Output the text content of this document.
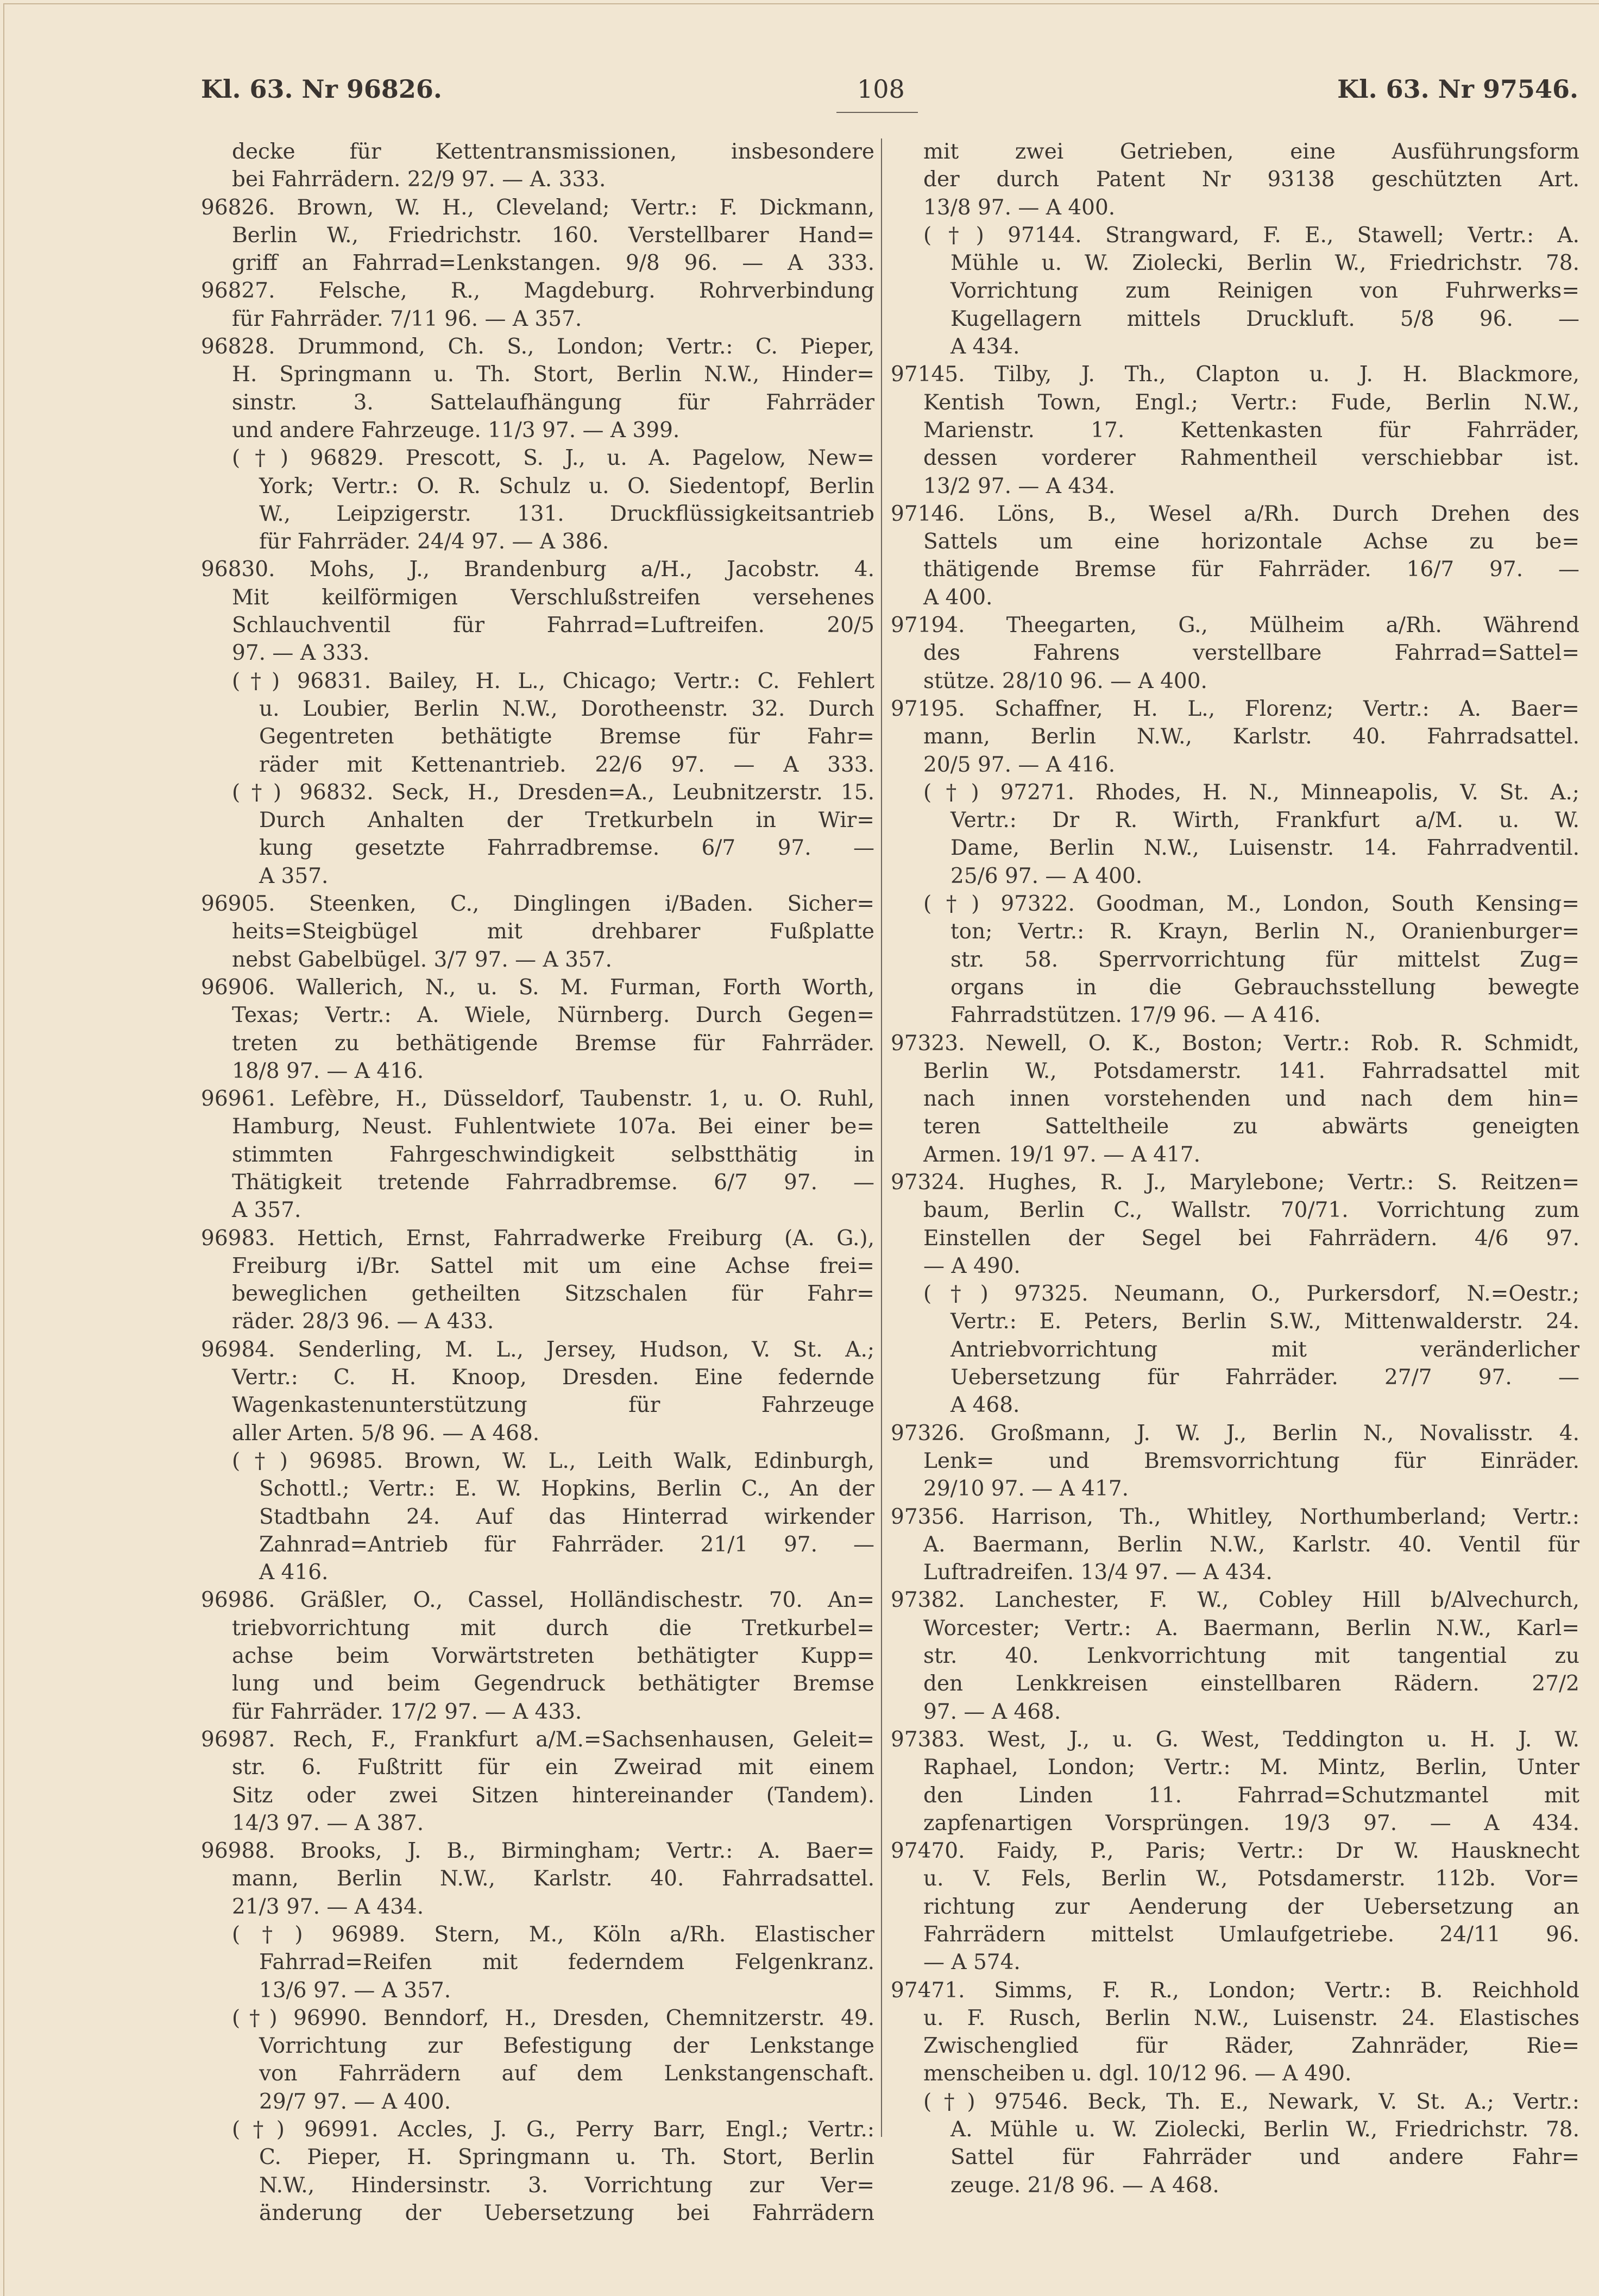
Kl. 63. Nr 96826.	108	Kl. 63. Nr 97546.
decke für Kettentransmissionen, insbesondere
bei Fahrrädern. 22/9 97. — A. 333.
96826. Brown, W. H., Cleveland; Vertr.: F. Dickmann,
Berlin W., Friedrichstr. 160. Verstellbarer Hand=
griff an Fahrrad=Lenkstangen. 9/8 96. — A 333.
96827. Felsche, R., Magdeburg. Rohrverbindung
für Fahrräder. 7/11 96. — A 357.
96828. Drummond, Ch. S., London; Vertr.: C. Pieper,
H. Springmann u. Th. Stort, Berlin N.W., Hinder=
sinstr. 3. Sattelaufhängung für Fahrräder
und andere Fahrzeuge. 11/3 97. — A 399.
(†) 96829. Prescott, S. J., u. A. Pagelow, New=
York; Vertr.: O. R. Schulz u. O. Siedentopf, Berlin
W., Leipzigerstr. 131. Druckflüssigkeitsantrieb
für Fahrräder. 24/4 97. — A 386.
96830. Mohs, J., Brandenburg a/H., Jacobstr. 4.
Mit keilförmigen Verschlußstreifen versehenes
Schlauchventil für Fahrrad=Luftreifen. 20/5
97. — A 333.
(†) 96831. Bailey, H. L., Chicago; Vertr.: C. Fehlert
u. Loubier, Berlin N.W., Dorotheenstr. 32. Durch
Gegentreten bethätigte Bremse für Fahr=
räder mit Kettenantrieb. 22/6 97. — A 333.
(†) 96832. Seck, H., Dresden=A., Leubnitzerstr. 15.
Durch Anhalten der Tretkurbeln in Wir=
kung gesetzte Fahrradbremse. 6/7 97. —
A 357.
96905. Steenken, C., Dinglingen i/Baden. Sicher=
heits=Steigbügel mit drehbarer Fußplatte
nebst Gabelbügel. 3/7 97. — A 357.
96906. Wallerich, N., u. S. M. Furman, Forth Worth,
Texas; Vertr.: A. Wiele, Nürnberg. Durch Gegen=
treten zu bethätigende Bremse für Fahrräder.
18/8 97. — A 416.
96961. Lefèbre, H., Düsseldorf, Taubenstr. 1, u. O. Ruhl,
Hamburg, Neust. Fuhlentwiete 107a. Bei einer be=
stimmten Fahrgeschwindigkeit selbstthätig in
Thätigkeit tretende Fahrradbremse. 6/7 97. —
A 357.
96983. Hettich, Ernst, Fahrradwerke Freiburg (A. G.),
Freiburg i/Br. Sattel mit um eine Achse frei=
beweglichen getheilten Sitzschalen für Fahr=
räder. 28/3 96. — A 433.
96984. Senderling, M. L., Jersey, Hudson, V. St. A.;
Vertr.: C. H. Knoop, Dresden. Eine federnde
Wagenkastenunterstützung für Fahrzeuge
aller Arten. 5/8 96. — A 468.
(†) 96985. Brown, W. L., Leith Walk, Edinburgh,
Schottl.; Vertr.: E. W. Hopkins, Berlin C., An der
Stadtbahn 24. Auf das Hinterrad wirkender
Zahnrad=Antrieb für Fahrräder. 21/1 97. —
A 416.
96986. Gräßler, O., Cassel, Holländischestr. 70. An=
triebvorrichtung mit durch die Tretkurbel=
achse beim Vorwärtstreten bethätigter Kupp=
lung und beim Gegendruck bethätigter Bremse
für Fahrräder. 17/2 97. — A 433.
96987. Rech, F., Frankfurt a/M.=Sachsenhausen, Geleit=
str. 6. Fußtritt für ein Zweirad mit einem
Sitz oder zwei Sitzen hintereinander (Tandem).
14/3 97. — A 387.
96988. Brooks, J. B., Birmingham; Vertr.: A. Baer=
mann, Berlin N.W., Karlstr. 40. Fahrradsattel.
21/3 97. — A 434.
(†) 96989. Stern, M., Köln a/Rh. Elastischer
Fahrrad=Reifen mit federndem Felgenkranz.
13/6 97. — A 357.
(†) 96990. Benndorf, H., Dresden, Chemnitzerstr. 49.
Vorrichtung zur Befestigung der Lenkstange
von Fahrrädern auf dem Lenkstangenschaft.
29/7 97. — A 400.
(†) 96991. Accles, J. G., Perry Barr, Engl.; Vertr.:
C. Pieper, H. Springmann u. Th. Stort, Berlin
N.W., Hindersinstr. 3. Vorrichtung zur Ver=
änderung der Uebersetzung bei Fahrrädern
mit zwei Getrieben, eine Ausführungsform
der durch Patent Nr 93138 geschützten Art.
13/8 97. — A 400.
(†) 97144. Strangward, F. E., Stawell; Vertr.: A.
Mühle u. W. Ziolecki, Berlin W., Friedrichstr. 78.
Vorrichtung zum Reinigen von Fuhrwerks=
Kugellagern mittels Druckluft. 5/8 96. —
A 434.
97145. Tilby, J. Th., Clapton u. J. H. Blackmore,
Kentish Town, Engl.; Vertr.: Fude, Berlin N.W.,
Marienstr. 17. Kettenkasten für Fahrräder,
dessen vorderer Rahmentheil verschiebbar ist.
13/2 97. — A 434.
97146. Löns, B., Wesel a/Rh. Durch Drehen des
Sattels um eine horizontale Achse zu be=
thätigende Bremse für Fahrräder. 16/7 97. —
A 400.
97194. Theegarten, G., Mülheim a/Rh. Während
des Fahrens verstellbare Fahrrad=Sattel=
stütze. 28/10 96. — A 400.
97195. Schaffner, H. L., Florenz; Vertr.: A. Baer=
mann, Berlin N.W., Karlstr. 40. Fahrradsattel.
20/5 97. — A 416.
(†) 97271. Rhodes, H. N., Minneapolis, V. St. A.;
Vertr.: Dr R. Wirth, Frankfurt a/M. u. W.
Dame, Berlin N.W., Luisenstr. 14. Fahrradventil.
25/6 97. — A 400.
(†) 97322. Goodman, M., London, South Kensing=
ton; Vertr.: R. Krayn, Berlin N., Oranienburger=
str. 58. Sperrvorrichtung für mittelst Zug=
organs in die Gebrauchsstellung bewegte
Fahrradstützen. 17/9 96. — A 416.
97323. Newell, O. K., Boston; Vertr.: Rob. R. Schmidt,
Berlin W., Potsdamerstr. 141. Fahrradsattel mit
nach innen vorstehenden und nach dem hin=
teren Satteltheile zu abwärts geneigten
Armen. 19/1 97. — A 417.
97324. Hughes, R. J., Marylebone; Vertr.: S. Reitzen=
baum, Berlin C., Wallstr. 70/71. Vorrichtung zum
Einstellen der Segel bei Fahrrädern. 4/6 97.
— A 490.
(†) 97325. Neumann, O., Purkersdorf, N.=Oestr.;
Vertr.: E. Peters, Berlin S.W., Mittenwalderstr. 24.
Antriebvorrichtung mit veränderlicher
Uebersetzung für Fahrräder. 27/7 97. —
A 468.
97326. Großmann, J. W. J., Berlin N., Novalisstr. 4.
Lenk= und Bremsvorrichtung für Einräder.
29/10 97. — A 417.
97356. Harrison, Th., Whitley, Northumberland; Vertr.:
A. Baermann, Berlin N.W., Karlstr. 40. Ventil für
Luftradreifen. 13/4 97. — A 434.
97382. Lanchester, F. W., Cobley Hill b/Alvechurch,
Worcester; Vertr.: A. Baermann, Berlin N.W., Karl=
str. 40. Lenkvorrichtung mit tangential zu
den Lenkkreisen einstellbaren Rädern. 27/2
97. — A 468.
97383. West, J., u. G. West, Teddington u. H. J. W.
Raphael, London; Vertr.: M. Mintz, Berlin, Unter
den Linden 11. Fahrrad=Schutzmantel mit
zapfenartigen Vorsprüngen. 19/3 97. — A 434.
97470. Faidy, P., Paris; Vertr.: Dr W. Hausknecht
u. V. Fels, Berlin W., Potsdamerstr. 112b. Vor=
richtung zur Aenderung der Uebersetzung an
Fahrrädern mittelst Umlaufgetriebe. 24/11 96.
— A 574.
97471. Simms, F. R., London; Vertr.: B. Reichhold
u. F. Rusch, Berlin N.W., Luisenstr. 24. Elastisches
Zwischenglied für Räder, Zahnräder, Rie=
menscheiben u. dgl. 10/12 96. — A 490.
(†) 97546. Beck, Th. E., Newark, V. St. A.; Vertr.:
A. Mühle u. W. Ziolecki, Berlin W., Friedrichstr. 78.
Sattel für Fahrräder und andere Fahr=
zeuge. 21/8 96. — A 468.
